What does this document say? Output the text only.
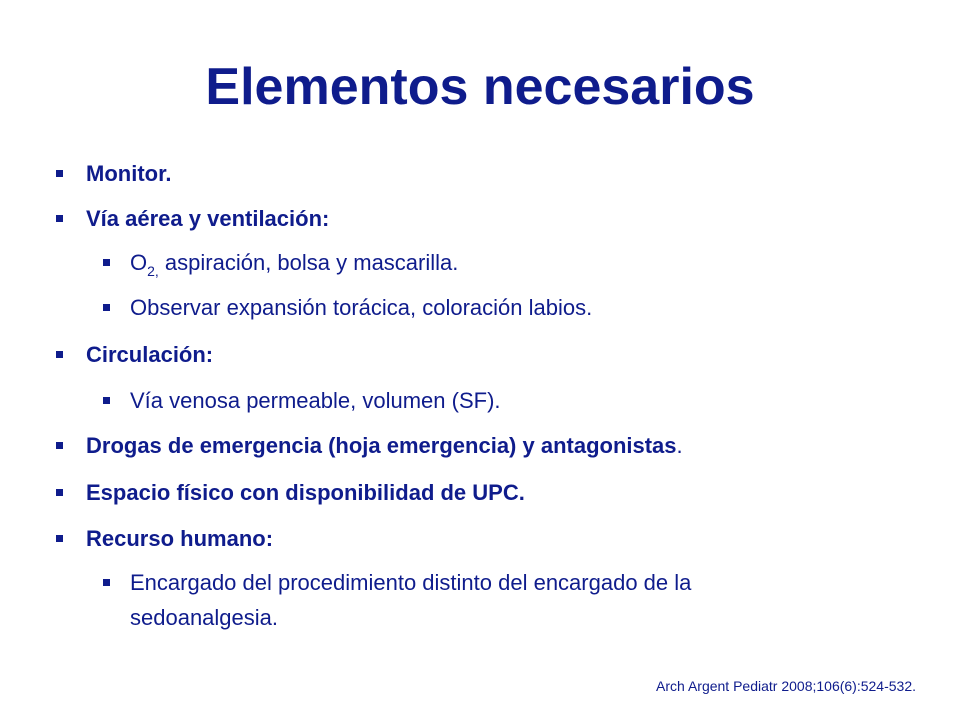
Elementos necesarios
Monitor.
Vía aérea y ventilación:
$O_{2,}$ aspiración, bolsa y mascarilla.
Observar expansión torácica, coloración labios.
Circulación:
Vía venosa permeable, volumen (SF).
Drogas de emergencia (hoja emergencia) y antagonistas.
Espacio físico con disponibilidad de UPC.
Recurso humano:
Encargado del procedimiento distinto del encargado de la
sedoanalgesia.
Arch Argent Pediatr 2008;106(6):524-532.
